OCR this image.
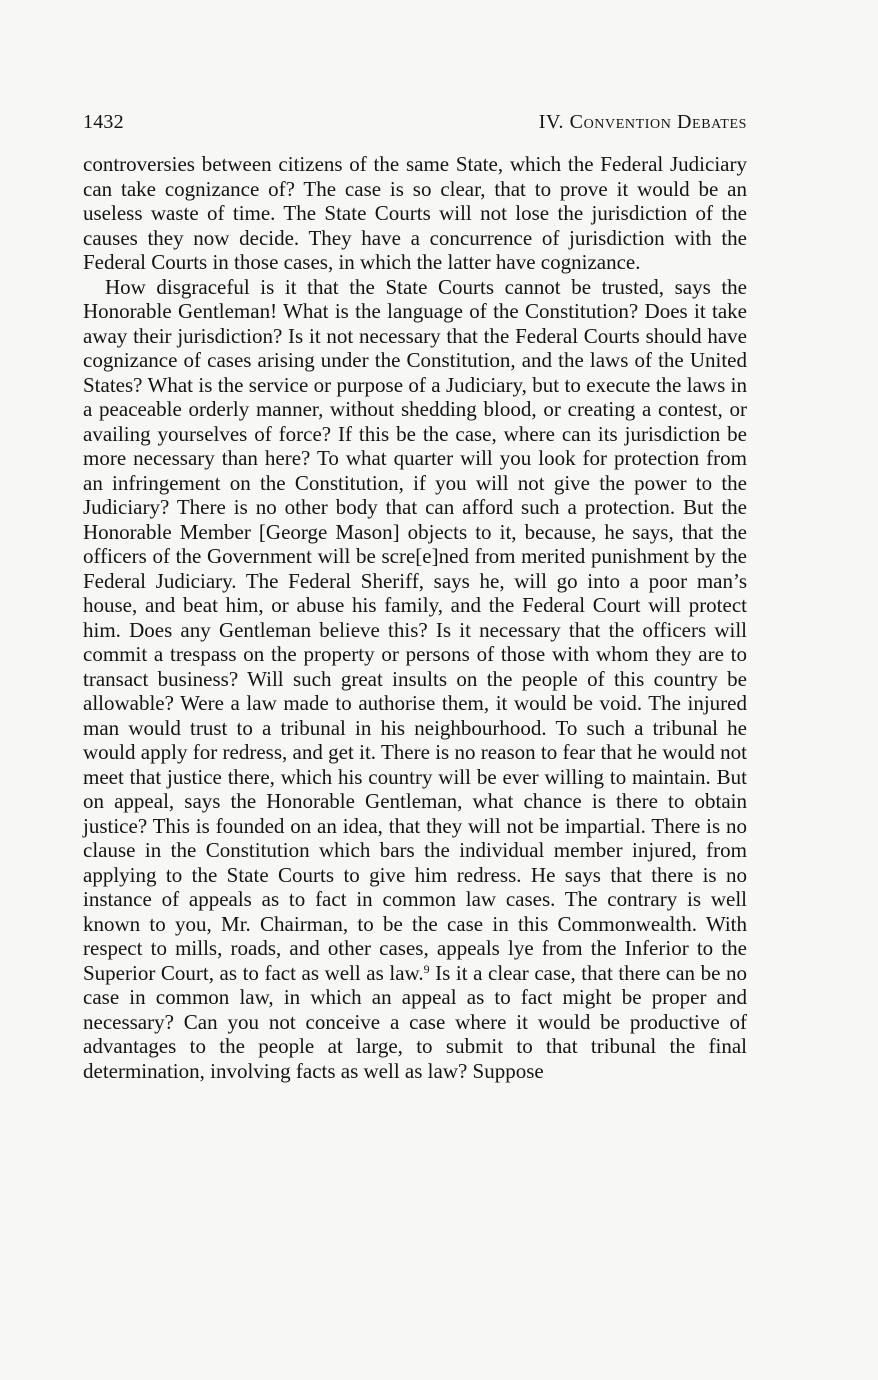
1432	IV. Convention Debates

controversies between citizens of the same State, which the Federal Judiciary can take cognizance of? The case is so clear, that to prove it would be an useless waste of time. The State Courts will not lose the jurisdiction of the causes they now decide. They have a concurrence of jurisdiction with the Federal Courts in those cases, in which the latter have cognizance.

How disgraceful is it that the State Courts cannot be trusted, says the Honorable Gentleman! What is the language of the Constitution? Does it take away their jurisdiction? Is it not necessary that the Federal Courts should have cognizance of cases arising under the Constitution, and the laws of the United States? What is the service or purpose of a Judiciary, but to execute the laws in a peaceable orderly manner, without shedding blood, or creating a contest, or availing yourselves of force? If this be the case, where can its jurisdiction be more necessary than here? To what quarter will you look for protection from an infringement on the Constitution, if you will not give the power to the Judiciary? There is no other body that can afford such a protection. But the Honorable Member [George Mason] objects to it, because, he says, that the officers of the Government will be scre[e]ned from merited punishment by the Federal Judiciary. The Federal Sheriff, says he, will go into a poor man’s house, and beat him, or abuse his family, and the Federal Court will protect him. Does any Gentleman believe this? Is it necessary that the officers will commit a trespass on the property or persons of those with whom they are to transact business? Will such great insults on the people of this country be allowable? Were a law made to authorise them, it would be void. The injured man would trust to a tribunal in his neighbourhood. To such a tribunal he would apply for redress, and get it. There is no reason to fear that he would not meet that justice there, which his country will be ever willing to maintain. But on appeal, says the Honorable Gentleman, what chance is there to obtain justice? This is founded on an idea, that they will not be impartial. There is no clause in the Constitution which bars the individual member injured, from applying to the State Courts to give him redress. He says that there is no instance of appeals as to fact in common law cases. The contrary is well known to you, Mr. Chairman, to be the case in this Commonwealth. With respect to mills, roads, and other cases, appeals lye from the Inferior to the Superior Court, as to fact as well as law.$^9$ Is it a clear case, that there can be no case in common law, in which an appeal as to fact might be proper and necessary? Can you not conceive a case where it would be productive of advantages to the people at large, to submit to that tribunal the final determination, involving facts as well as law? Suppose
